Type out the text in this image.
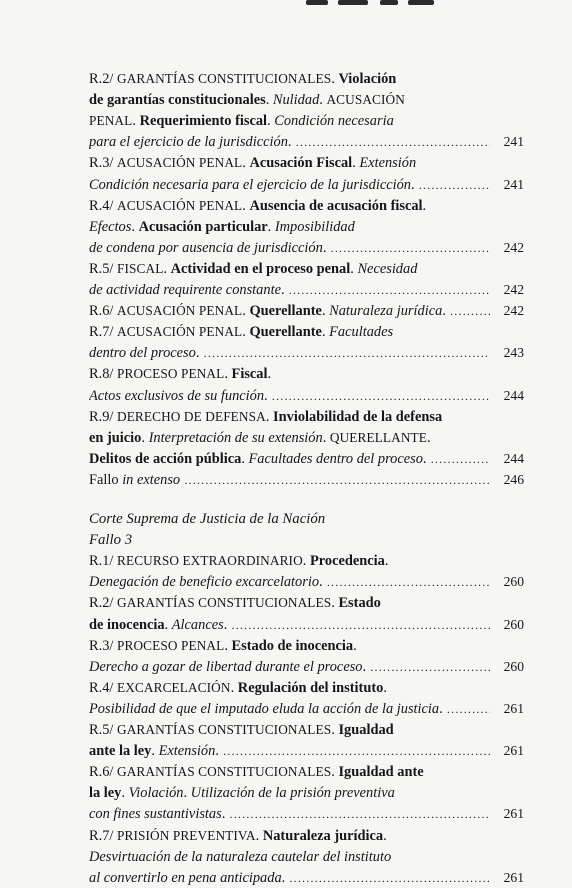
R.2/ GARANTÍAS CONSTITUCIONALES. Violación
de garantías constitucionales. Nulidad. ACUSACIÓN
PENAL. Requerimiento fiscal. Condición necesaria
para el ejercicio de la jurisdicción. .....	241
R.3/ ACUSACIÓN PENAL. Acusación Fiscal. Extensión
Condición necesaria para el ejercicio de la jurisdicción. .....	241
R.4/ ACUSACIÓN PENAL. Ausencia de acusación fiscal.
Efectos. Acusación particular. Imposibilidad
de condena por ausencia de jurisdicción. .....	242
R.5/ FISCAL. Actividad en el proceso penal. Necesidad
de actividad requirente constante. .....	242
R.6/ ACUSACIÓN PENAL. Querellante. Naturaleza jurídica. .....	242
R.7/ ACUSACIÓN PENAL. Querellante. Facultades
dentro del proceso. .....	243
R.8/ PROCESO PENAL. Fiscal.
Actos exclusivos de su función. .....	244
R.9/ DERECHO DE DEFENSA. Inviolabilidad de la defensa
en juicio. Interpretación de su extensión. QUERELLANTE.
Delitos de acción pública. Facultades dentro del proceso. .....	244
Fallo in extenso .....	246
Corte Suprema de Justicia de la Nación
Fallo 3
R.1/ RECURSO EXTRAORDINARIO. Procedencia.
Denegación de beneficio excarcelatorio. .....	260
R.2/ GARANTÍAS CONSTITUCIONALES. Estado
de inocencia. Alcances. .....	260
R.3/ PROCESO PENAL. Estado de inocencia.
Derecho a gozar de libertad durante el proceso. .....	260
R.4/ EXCARCELACIÓN. Regulación del instituto.
Posibilidad de que el imputado eluda la acción de la justicia. .....	261
R.5/ GARANTÍAS CONSTITUCIONALES. Igualdad
ante la ley. Extensión. .....	261
R.6/ GARANTÍAS CONSTITUCIONALES. Igualdad ante
la ley. Violación. Utilización de la prisión preventiva
con fines sustantivistas. .....	261
R.7/ PRISIÓN PREVENTIVA. Naturaleza jurídica.
Desvirtuación de la naturaleza cautelar del instituto
al convertirlo en pena anticipada. .....	261
